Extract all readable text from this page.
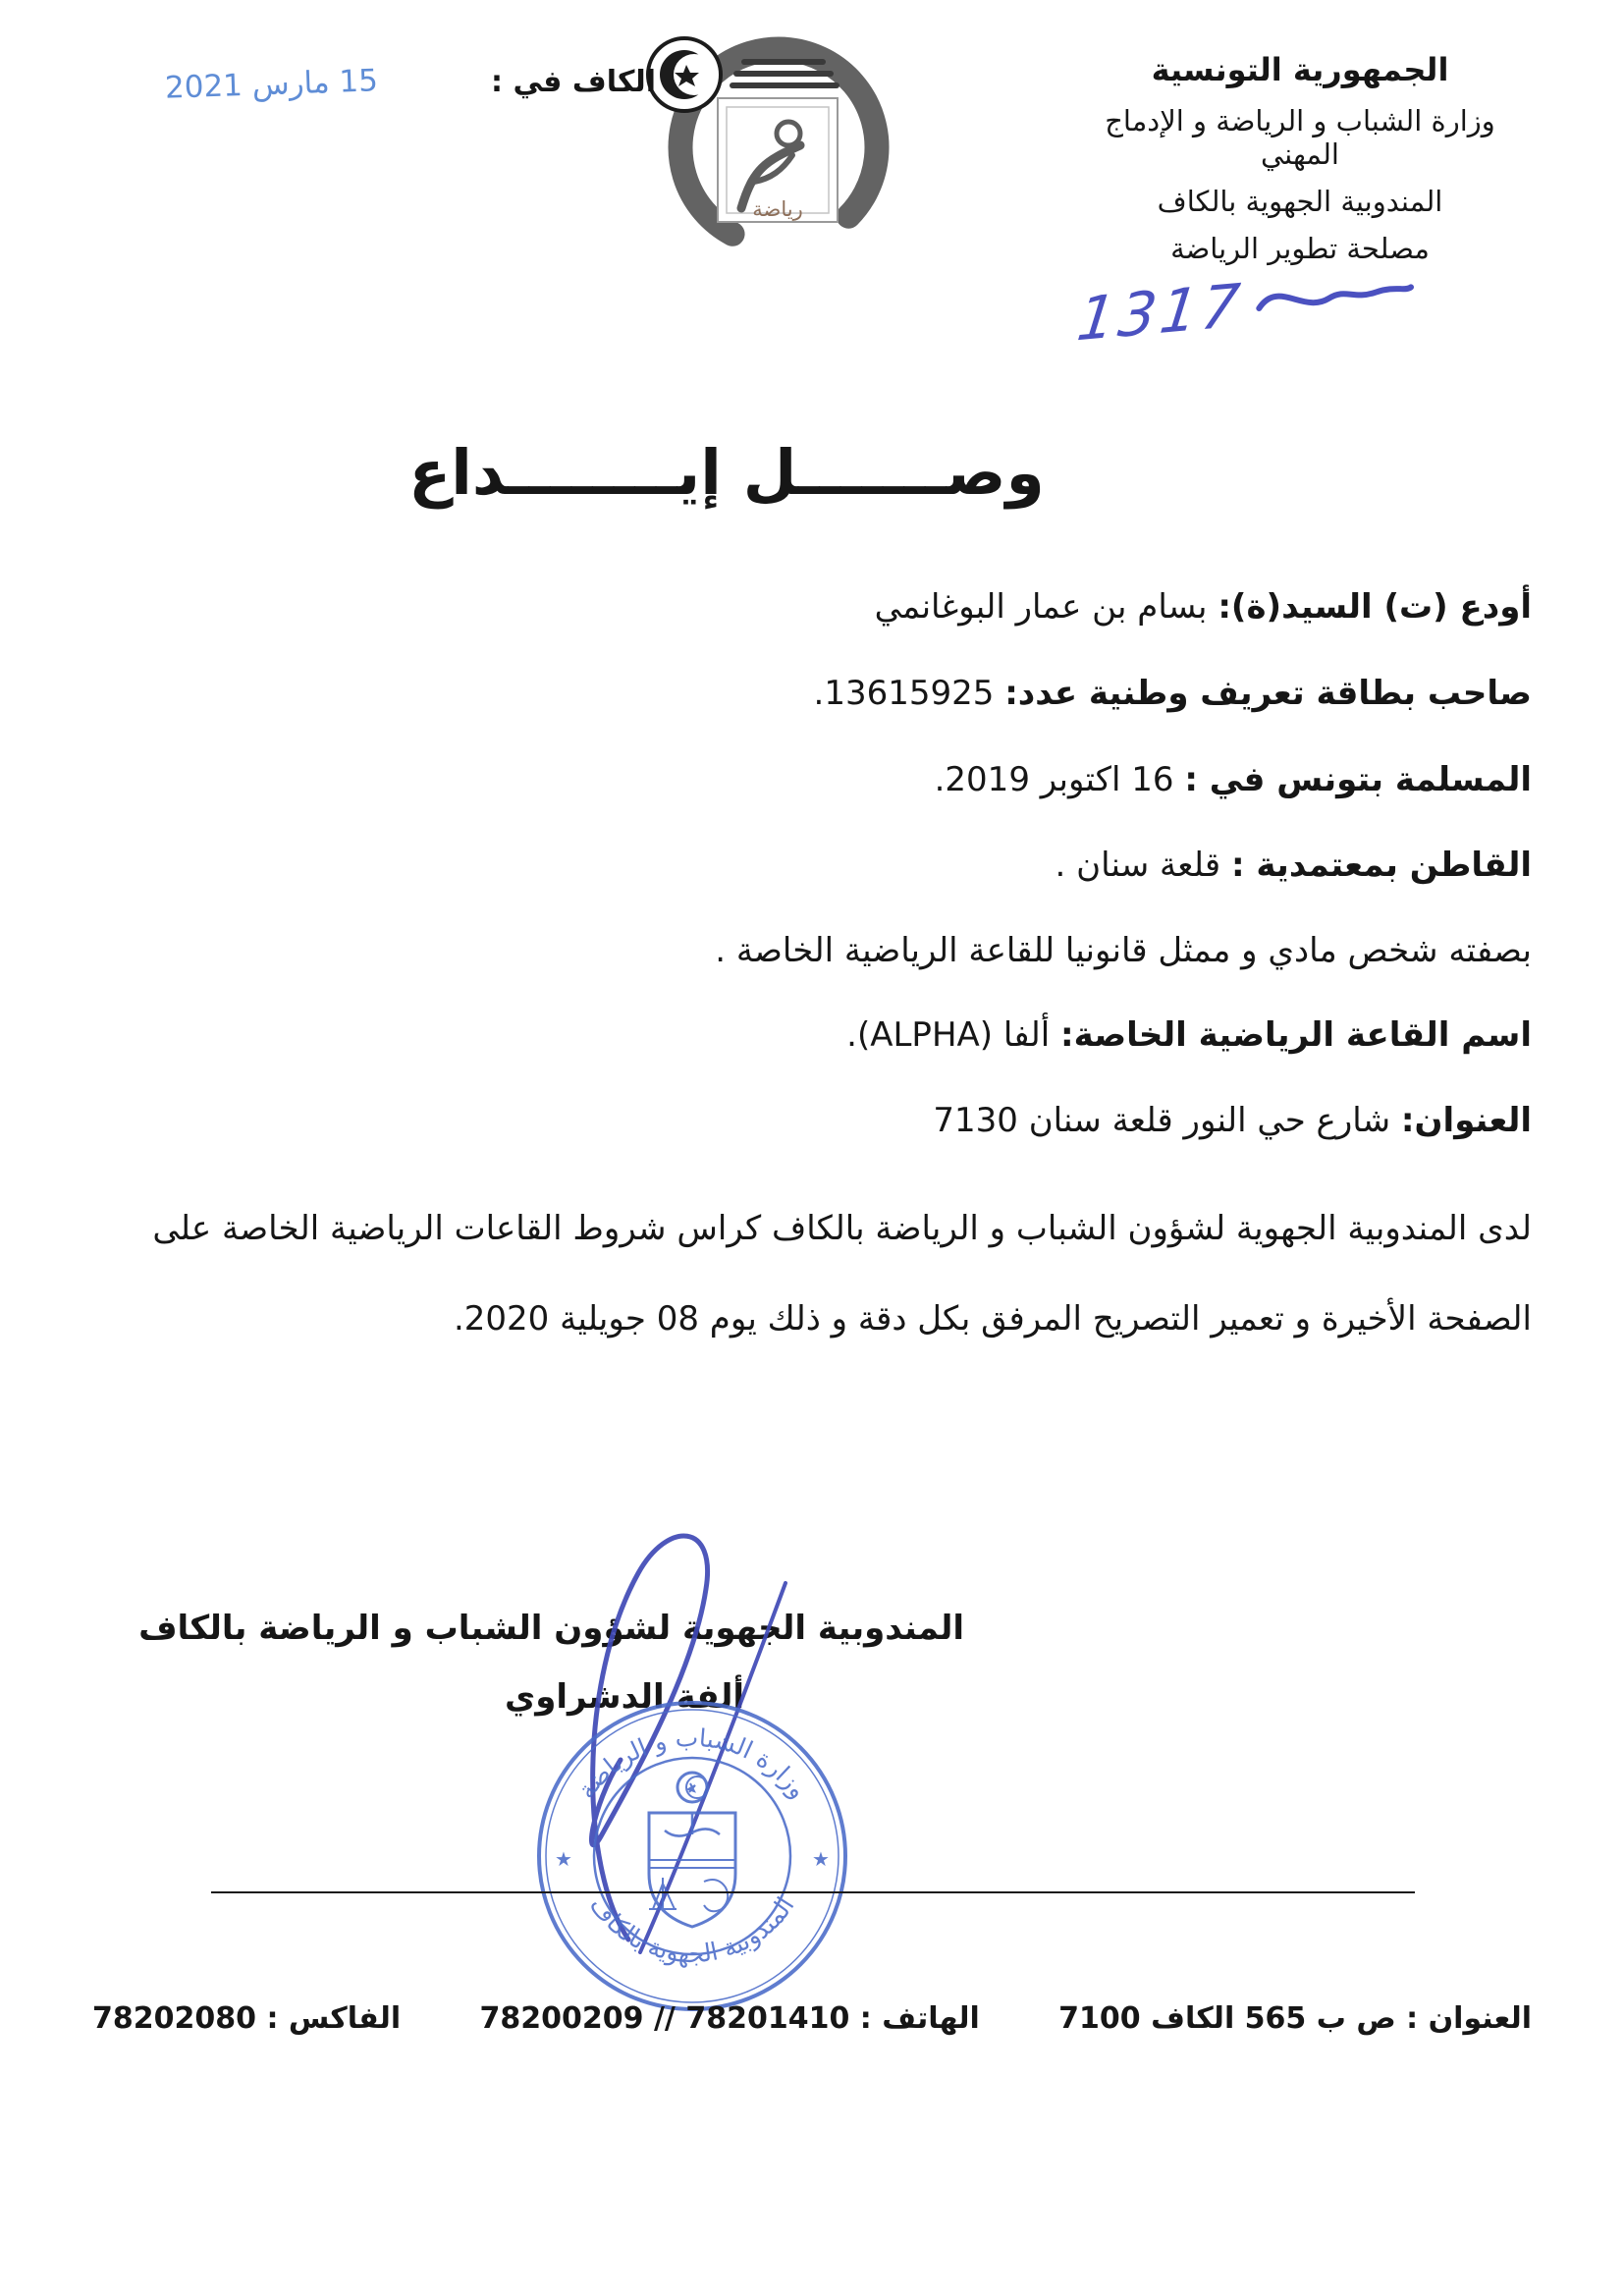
رياضة
الجمهورية التونسية
وزارة الشباب و الرياضة و الإدماج المهني
المندوبية الجهوية بالكاف
مصلحة تطوير الرياضة
1317
الكاف في :
15 مارس 2021
وصـــــــل إيــــــــداع
أودع (ت) السيد(ة): بسام بن عمار البوغانمي
صاحب بطاقة تعريف وطنية عدد: 13615925.
المسلمة بتونس في : 16 اكتوبر 2019.
القاطن بمعتمدية : قلعة سنان .
بصفته شخص مادي و ممثل قانونيا للقاعة الرياضية الخاصة .
اسم القاعة الرياضية الخاصة: ألفا (ALPHA).
العنوان: شارع حي النور قلعة سنان 7130
لدى المندوبية الجهوية لشؤون الشباب و الرياضة بالكاف كراس شروط القاعات الرياضية الخاصة على الصفحة الأخيرة و تعمير التصريح المرفق بكل دقة و ذلك يوم 08 جويلية 2020.
المندوبية الجهوية لشؤون الشباب و الرياضة بالكاف
ألفة الدشراوي
وزارة الشباب و الرياضة
المندوبية الجهوية بالكاف
★	★
العنوان : ص ب 565 الكاف 7100
الهاتف : 78201410 // 78200209
الفاكس : 78202080
